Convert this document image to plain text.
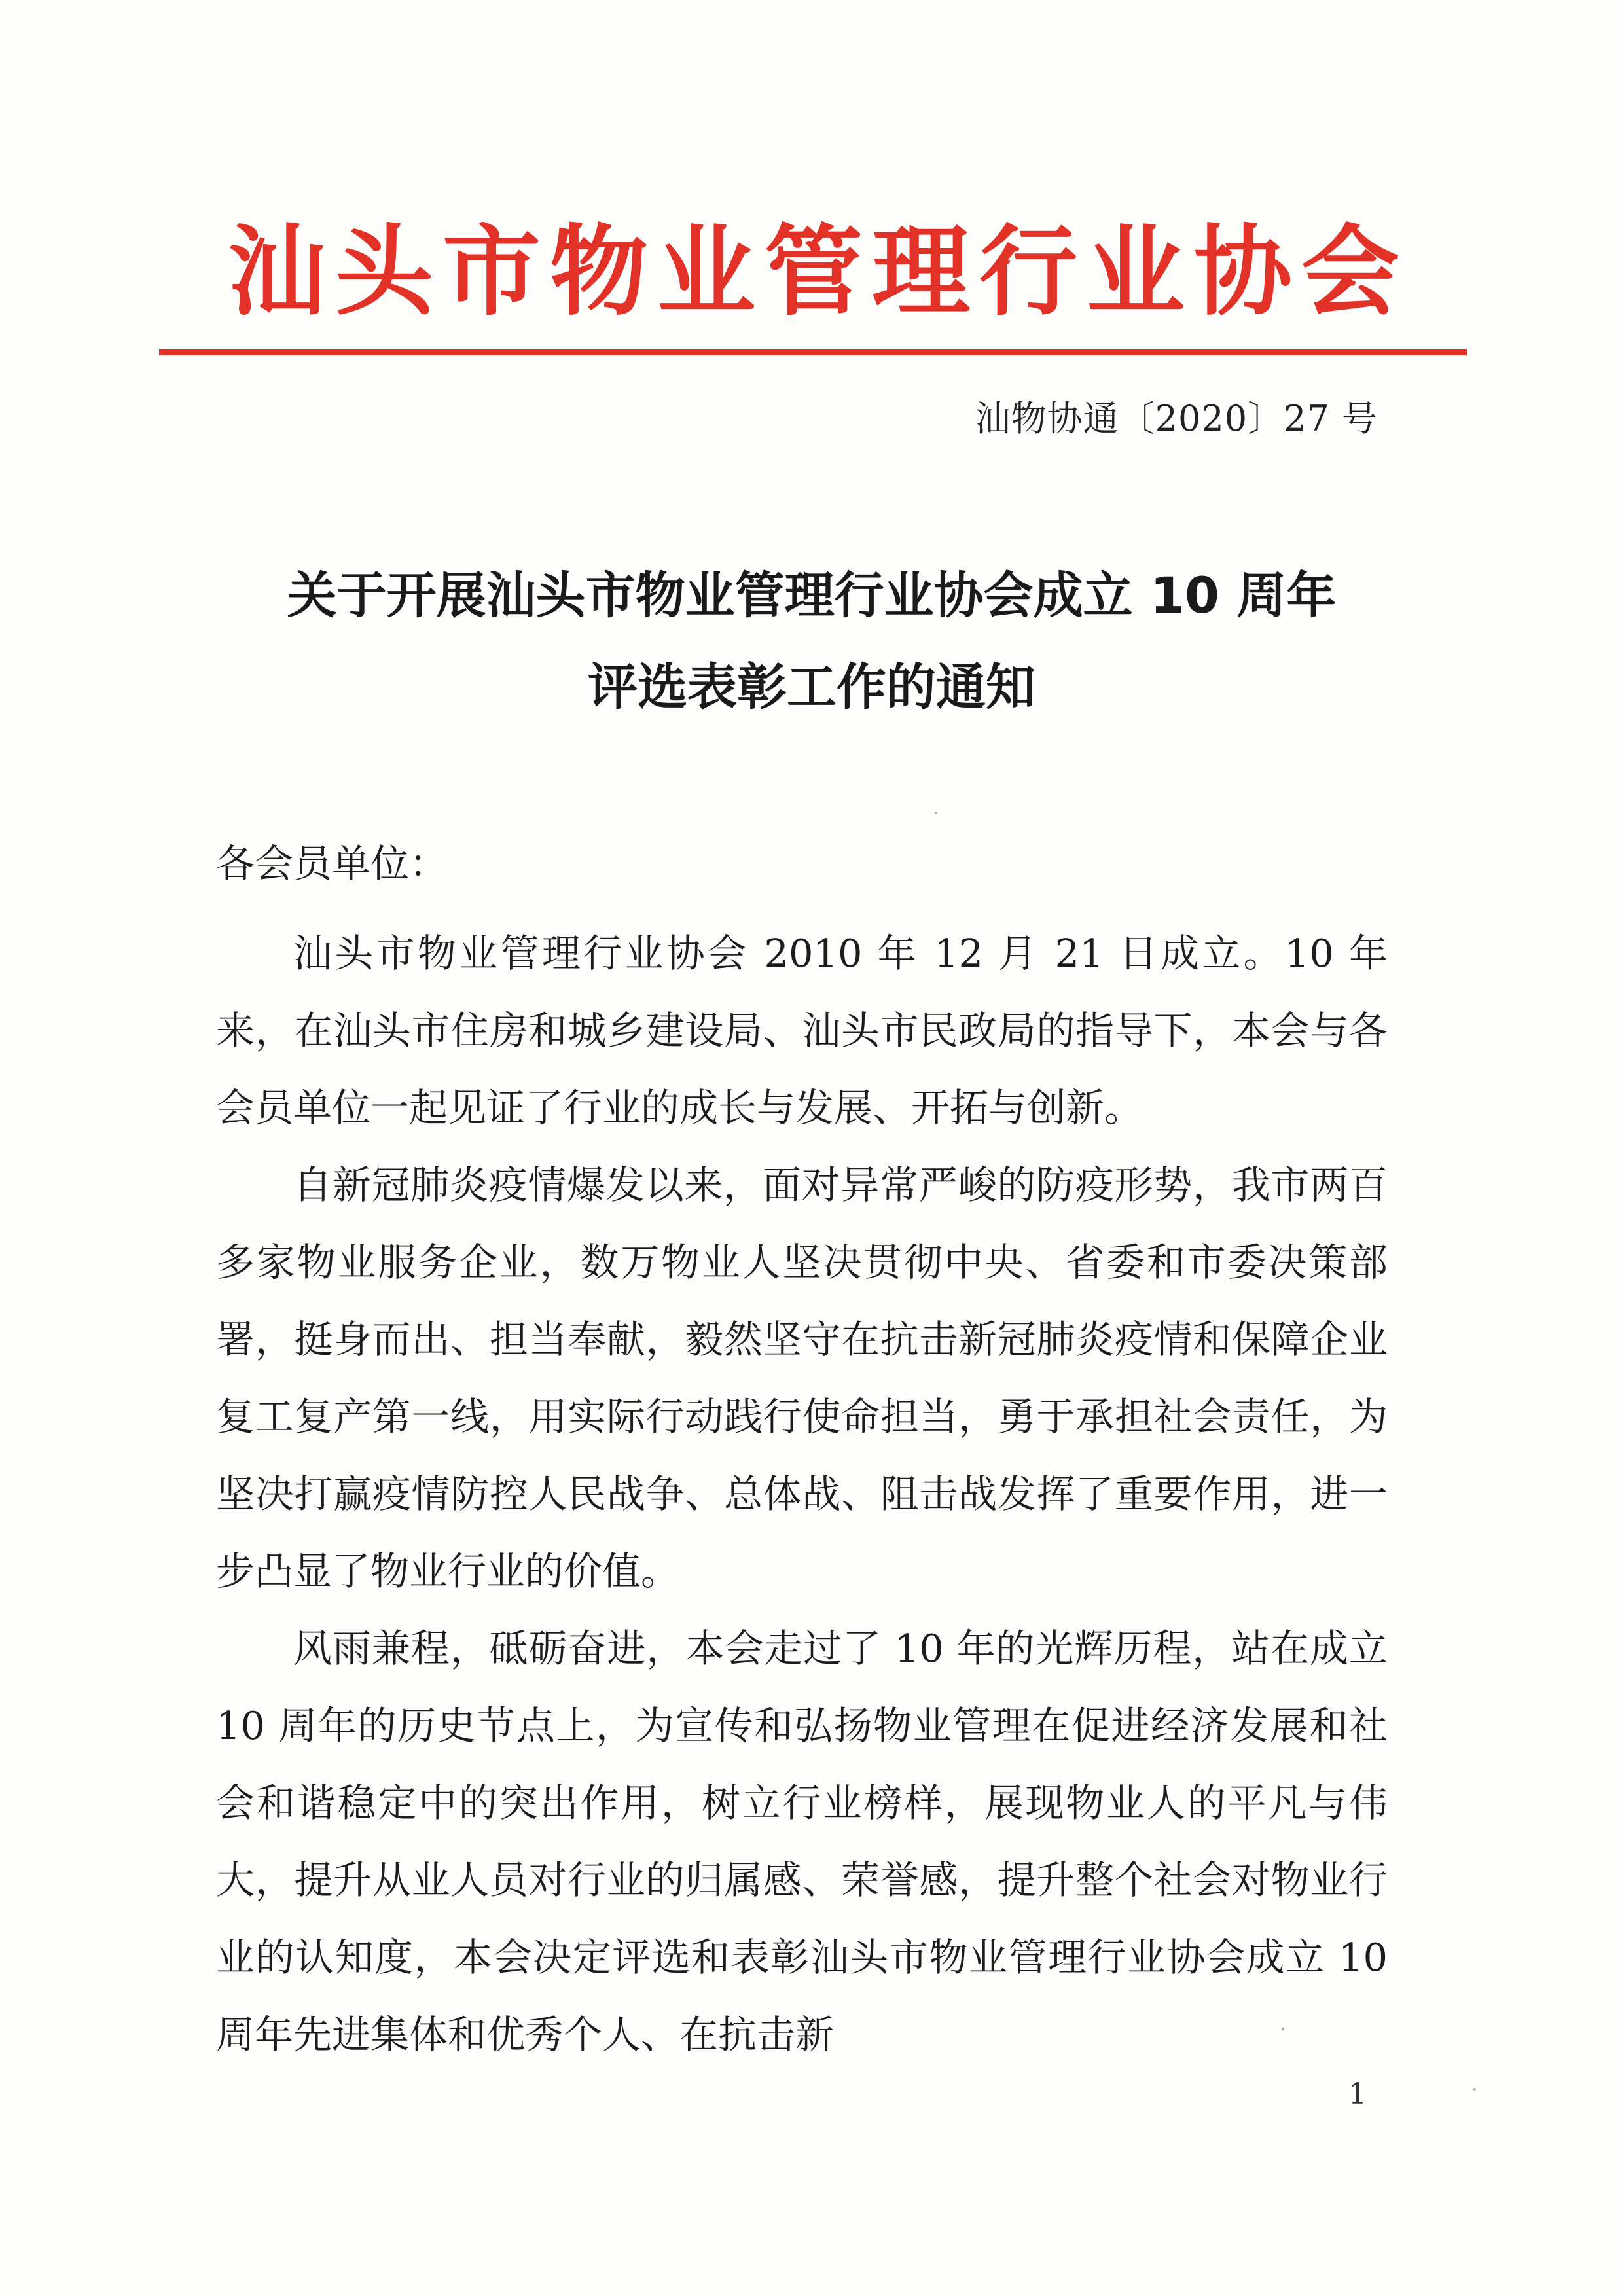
汕头市物业管理行业协会
汕物协通〔2020〕27 号
关于开展汕头市物业管理行业协会成立 10 周年
评选表彰工作的通知
各会员单位：

汕头市物业管理行业协会 2010 年 12 月 21 日成立。10 年来，在汕头市住房和城乡建设局、汕头市民政局的指导下，本会与各会员单位一起见证了行业的成长与发展、开拓与创新。

自新冠肺炎疫情爆发以来，面对异常严峻的防疫形势，我市两百多家物业服务企业，数万物业人坚决贯彻中央、省委和市委决策部署，挺身而出、担当奉献，毅然坚守在抗击新冠肺炎疫情和保障企业复工复产第一线，用实际行动践行使命担当，勇于承担社会责任，为坚决打赢疫情防控人民战争、总体战、阻击战发挥了重要作用，进一步凸显了物业行业的价值。

风雨兼程，砥砺奋进，本会走过了 10 年的光辉历程，站在成立 10 周年的历史节点上，为宣传和弘扬物业管理在促进经济发展和社会和谐稳定中的突出作用，树立行业榜样，展现物业人的平凡与伟大，提升从业人员对行业的归属感、荣誉感，提升整个社会对物业行业的认知度，本会决定评选和表彰汕头市物业管理行业协会成立 10 周年先进集体和优秀个人、在抗击新

1
